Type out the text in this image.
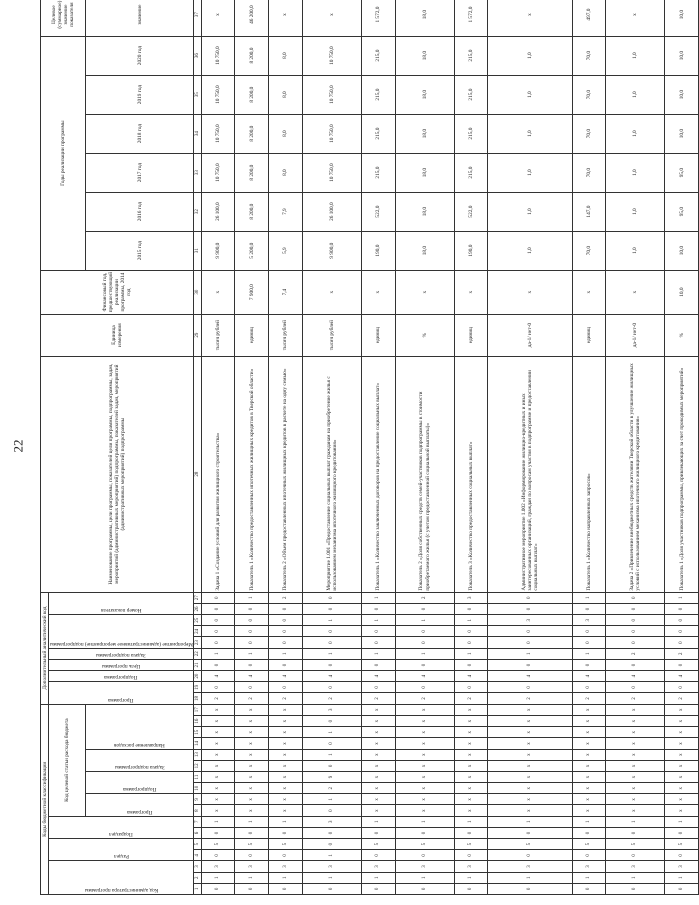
22
Коды бюджетной классификации																	Дополнительный аналитический код										Наименование программы, цели программы, показателей цели программы, подпрограммы, задач, мероприятий (административных мероприятий) подпрограммы, показателей задач, мероприятий (административных мероприятий) подпрограммы	Единица измерения	Финансовый год, предшествующий реализации программы, 2014 год	Годы реализации программы						Целевое (суммарное) значение показателя

Код администратора программы			Раздел		Подраздел		Код целевой статьи расхода бюджета										Программа		Подпрограмма	Цель программы	Задача подпрограммы	Мероприятие (административное мероприятие) подпрограммы			Номер показателя											

							Программа		Подпрограмма		Задача подпрограммы		Направление расходов																	2015 год	2016 год	2017 год	2018 год	2019 год	2020 год	значение
1	2	3	4	5	6	7	8	9	10	11	12	13	14	15	16	17	18	19	20	21	22	23	24	25	26	27	28	29	30	31	32	33	34	35	36	37
0	1	3	0	5	0	1	х	х	х	х	х	х	х	х	х	х	2	0	4	0	1	0	0	0	0	0	Задача 1 «Создание условий для развития жилищного строительства»	тысяч рублей	х	9 900,0	26 100,0	10 750,0	10 750,0	10 750,0	10 750,0	х
0	1	3	0	5	0	1	х	х	х	х	х	х	х	х	х	х	2	0	4	0	1	0	0	0	0	1	Показатель 1 «Количество предоставленных ипотечных жилищных кредитов в Тверской области»	единиц	7 900,0	5 200,0	8 200,0	8 200,0	8 200,0	8 200,0	8 200,0	46 200,0
0	1	3	0	5	0	1	х	х	х	х	х	х	х	х	х	х	2	0	4	0	1	0	0	0	0	2	Показатель 2 «Объем предоставленных ипотечных жилищных кредитов в расчете на одну семью»	тысяч рублей	7,4	5,9	7,9	8,0	8,0	8,0	8,0	х
0	1	3	1	0	0	3	0	1	2	9	0	1	0	1	0	3	2	0	4	0	1	0	0	1	0	0	Мероприятие 1.001 «Предоставление социальных выплат гражданам на приобретение жилья с использованием механизма ипотечного жилищного кредитования»	тысяч рублей	х	9 900,0	26 100,0	10 750,0	10 750,0	10 750,0	10 750,0	х
0	1	3	0	5	0	1	х	х	х	х	х	х	х	х	х	х	2	0	4	0	1	0	0	1	0	1	Показатель 1 «Количество заключенных договоров на предоставление социальных выплат»	единиц	х	190,0	522,0	215,0	215,0	215,0	215,0	1 572,0
0	1	3	0	5	0	1	х	х	х	х	х	х	х	х	х	х	2	0	4	0	1	0	0	1	0	2	Показатель 2 «Доля собственных средств семей-участников подпрограммы в стоимости приобретаемого жилья (с учетом предоставленной социальной выплаты)»	%	х	18,0	18,0	18,0	18,0	18,0	18,0	18,0
0	1	3	0	5	0	1	х	х	х	х	х	х	х	х	х	х	2	0	4	0	1	0	0	1	0	3	Показатель 3 «Количество предоставленных социальных выплат»	единиц	х	190,0	522,0	215,0	215,0	215,0	215,0	1 572,0
0	1	3	0	5	0	1	х	х	х	х	х	х	х	х	х	х	2	0	4	0	1	0	0	3	0	0	Административное мероприятие 1.002 «Информирование жилищно-кредитных и иных заинтересованных организаций, граждан по вопросам участия в подпрограмме и предоставлении социальных выплат»	да-1/ нет-0	х	1,0	1,0	1,0	1,0	1,0	1,0	х
0	1	3	0	5	0	1	х	х	х	х	х	х	х	х	х	х	2	0	4	0	1	0	0	3	0	1	Показатель 1 «Количество направленных запросов»	единиц	х	70,0	147,0	70,0	70,0	70,0	70,0	497,0
0	1	3	0	5	0	1	х	х	х	х	х	х	х	х	х	х	2	0	4	0	2	0	0	0	0	0	Задача 2 «Привлечение внебюджетных средств жителями Тверской области в улучшение жилищных условий с использованием механизма ипотечного жилищного кредитования»	да-1/ нет-0	х	1,0	1,0	1,0	1,0	1,0	1,0	х
0	1	3	0	5	0	1	х	х	х	х	х	х	х	х	х	х	2	0	4	0	2	0	0	0	0	1	Показатель 1 «Доля участников подпрограммы, привлекающих за счет проводимых мероприятий»	%	10,0	10,0	95,0	95,0	10,0	10,0	10,0	10,0
